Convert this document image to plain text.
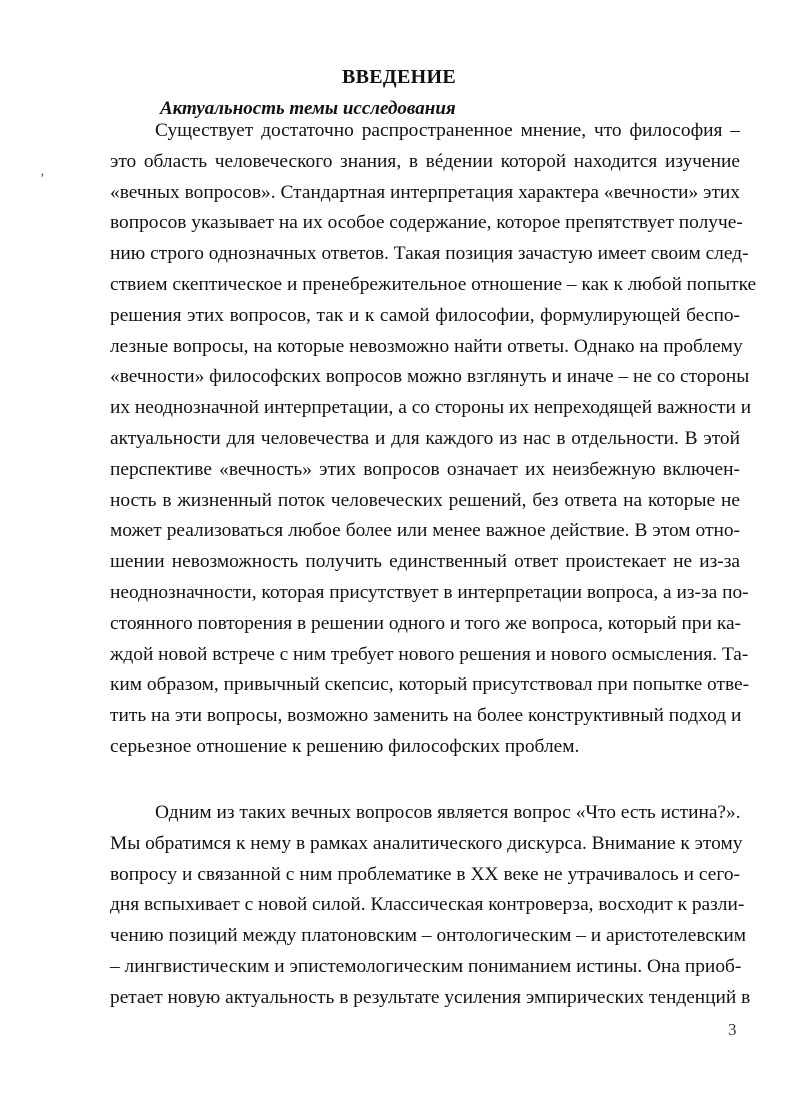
ВВЕДЕНИЕ
Актуальность темы исследования
‚
Существует достаточно распространенное мнение, что философия –
это область человеческого знания, в вéдении которой находится изучение
«вечных вопросов». Стандартная интерпретация характера «вечности» этих
вопросов указывает на их особое содержание, которое препятствует получе-
нию строго однозначных ответов. Такая позиция зачастую имеет своим след-
ствием скептическое и пренебрежительное отношение – как к любой попытке
решения этих вопросов, так и к самой философии, формулирующей беспо-
лезные вопросы, на которые невозможно найти ответы. Однако на проблему
«вечности» философских вопросов можно взглянуть и иначе – не со стороны
их неоднозначной интерпретации, а со стороны их непреходящей важности и
актуальности для человечества и для каждого из нас в отдельности. В этой
перспективе «вечность» этих вопросов означает их неизбежную включен-
ность в жизненный поток человеческих решений, без ответа на которые не
может реализоваться любое более или менее важное действие. В этом отно-
шении невозможность получить единственный ответ проистекает не из-за
неоднозначности, которая присутствует в интерпретации вопроса, а из-за по-
стоянного повторения в решении одного и того же вопроса, который при ка-
ждой новой встрече с ним требует нового решения и нового осмысления. Та-
ким образом, привычный скепсис, который присутствовал при попытке отве-
тить на эти вопросы, возможно заменить на более конструктивный подход и
серьезное отношение к решению философских проблем.
Одним из таких вечных вопросов является вопрос «Что есть истина?».
Мы обратимся к нему в рамках аналитического дискурса. Внимание к этому
вопросу и связанной с ним проблематике в XX веке не утрачивалось и сего-
дня вспыхивает с новой силой. Классическая контроверза, восходит к разли-
чению позиций между платоновским – онтологическим – и аристотелевским
– лингвистическим и эпистемологическим пониманием истины. Она приоб-
ретает новую актуальность в результате усиления эмпирических тенденций в
3
